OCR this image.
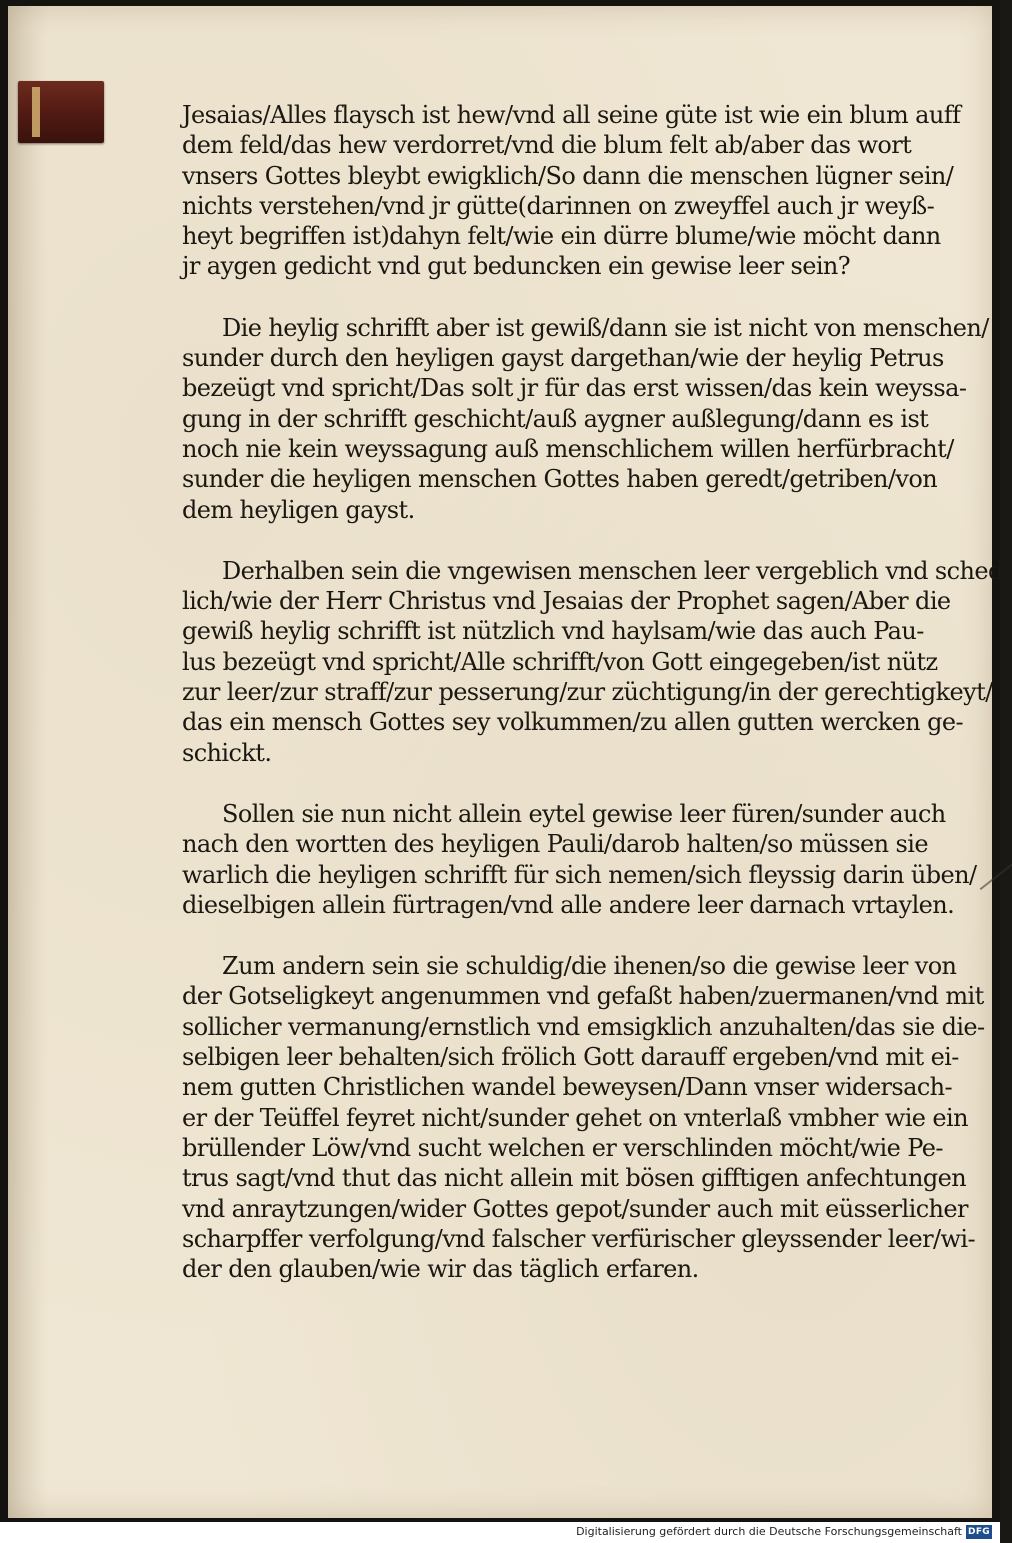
Jesaias/Alles flaysch ist hew/vnd all seine güte ist wie ein blum auff
dem feld/das hew verdorret/vnd die blum felt ab/aber das wort
vnsers Gottes bleybt ewigklich/So dann die menschen lügner sein/
nichts verstehen/vnd jr gütte(darinnen on zweyffel auch jr weyß-
heyt begriffen ist)dahyn felt/wie ein dürre blume/wie möcht dann
jr aygen gedicht vnd gut beduncken ein gewise leer sein?
Die heylig schrifft aber ist gewiß/dann sie ist nicht von menschen/
sunder durch den heyligen gayst dargethan/wie der heylig Petrus
bezeügt vnd spricht/Das solt jr für das erst wissen/das kein weyssa-
gung in der schrifft geschicht/auß aygner außlegung/dann es ist
noch nie kein weyssagung auß menschlichem willen herfürbracht/
sunder die heyligen menschen Gottes haben geredt/getriben/von
dem heyligen gayst.
Derhalben sein die vngewisen menschen leer vergeblich vnd sched-
lich/wie der Herr Christus vnd Jesaias der Prophet sagen/Aber die
gewiß heylig schrifft ist nützlich vnd haylsam/wie das auch Pau-
lus bezeügt vnd spricht/Alle schrifft/von Gott eingegeben/ist nütz
zur leer/zur straff/zur pesserung/zur züchtigung/in der gerechtigkeyt/
das ein mensch Gottes sey volkummen/zu allen gutten wercken ge-
schickt.
Sollen sie nun nicht allein eytel gewise leer füren/sunder auch
nach den wortten des heyligen Pauli/darob halten/so müssen sie
warlich die heyligen schrifft für sich nemen/sich fleyssig darin üben/
dieselbigen allein fürtragen/vnd alle andere leer darnach vrtaylen.
Zum andern sein sie schuldig/die ihenen/so die gewise leer von
der Gotseligkeyt angenummen vnd gefaßt haben/zuermanen/vnd mit
sollicher vermanung/ernstlich vnd emsigklich anzuhalten/das sie die-
selbigen leer behalten/sich frölich Gott darauff ergeben/vnd mit ei-
nem gutten Christlichen wandel beweysen/Dann vnser widersach-
er der Teüffel feyret nicht/sunder gehet on vnterlaß vmbher wie ein
brüllender Löw/vnd sucht welchen er verschlinden möcht/wie Pe-
trus sagt/vnd thut das nicht allein mit bösen gifftigen anfechtungen
vnd anraytzungen/wider Gottes gepot/sunder auch mit eüsserlicher
scharpffer verfolgung/vnd falscher verfürischer gleyssender leer/wi-
der den glauben/wie wir das täglich erfaren.
Digitalisierung gefördert durch die Deutsche Forschungsgemeinschaft DFG
